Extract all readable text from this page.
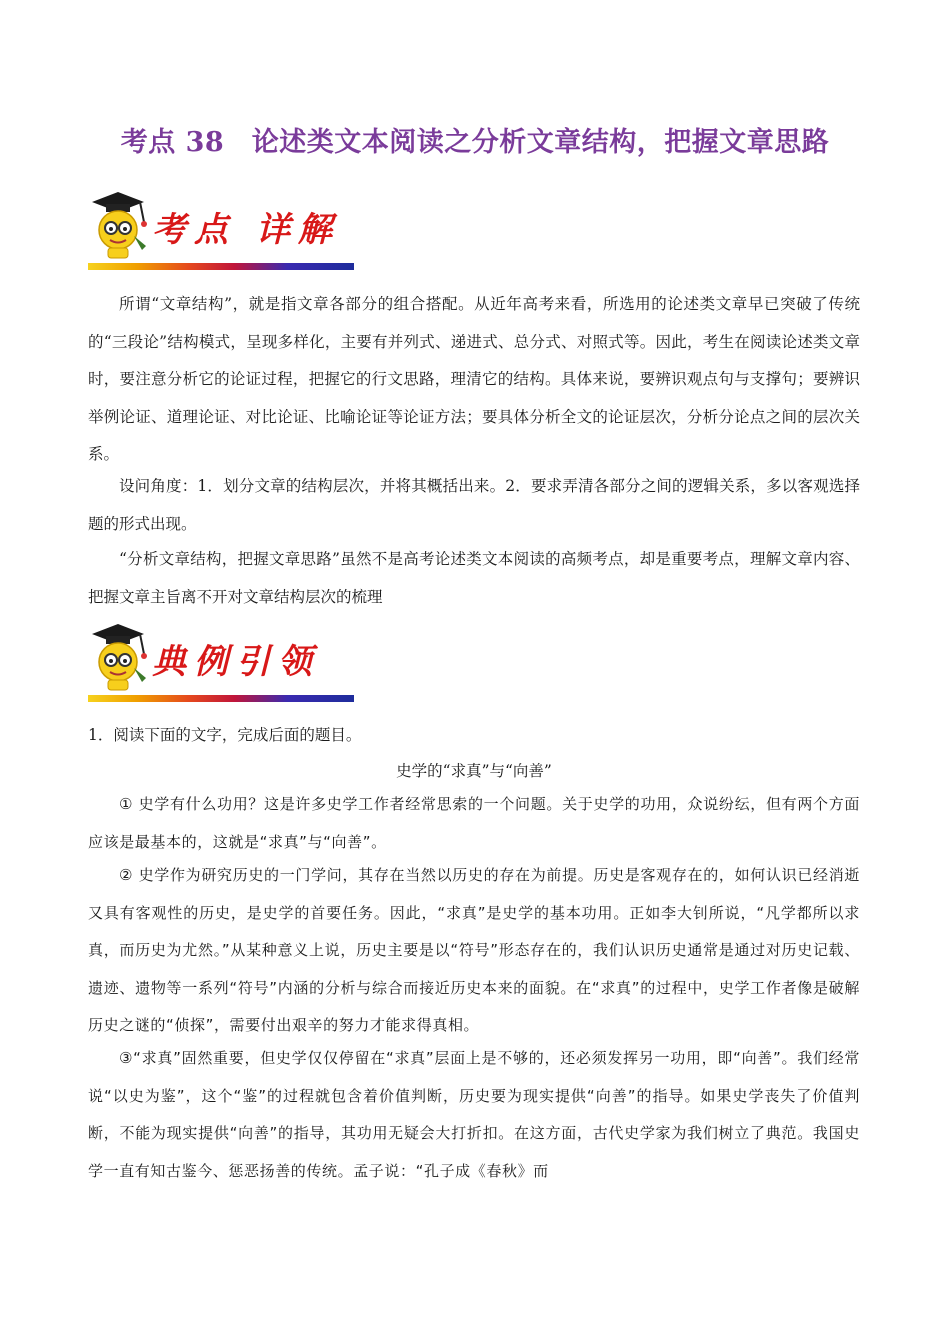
考点 38　论述类文本阅读之分析文章结构，把握文章思路
考点 详解
所谓“文章结构”，就是指文章各部分的组合搭配。从近年高考来看，所选用的论述类文章早已突破了传统的“三段论”结构模式，呈现多样化，主要有并列式、递进式、总分式、对照式等。因此，考生在阅读论述类文章时，要注意分析它的论证过程，把握它的行文思路，理清它的结构。具体来说，要辨识观点句与支撑句；要辨识举例论证、道理论证、对比论证、比喻论证等论证方法；要具体分析全文的论证层次，分析分论点之间的层次关系。
设问角度：1．划分文章的结构层次，并将其概括出来。2．要求弄清各部分之间的逻辑关系，多以客观选择题的形式出现。
“分析文章结构，把握文章思路”虽然不是高考论述类文本阅读的高频考点，却是重要考点，理解文章内容、把握文章主旨离不开对文章结构层次的梳理
典例引领
1．阅读下面的文字，完成后面的题目。
史学的“求真”与“向善”
① 史学有什么功用？这是许多史学工作者经常思索的一个问题。关于史学的功用，众说纷纭，但有两个方面应该是最基本的，这就是“求真”与“向善”。
② 史学作为研究历史的一门学问，其存在当然以历史的存在为前提。历史是客观存在的，如何认识已经消逝又具有客观性的历史，是史学的首要任务。因此，“求真”是史学的基本功用。正如李大钊所说，“凡学都所以求真，而历史为尤然。”从某种意义上说，历史主要是以“符号”形态存在的，我们认识历史通常是通过对历史记载、遗迹、遗物等一系列“符号”内涵的分析与综合而接近历史本来的面貌。在“求真”的过程中，史学工作者像是破解历史之谜的“侦探”，需要付出艰辛的努力才能求得真相。
③“求真”固然重要，但史学仅仅停留在“求真”层面上是不够的，还必须发挥另一功用，即“向善”。我们经常说“以史为鉴”，这个“鉴”的过程就包含着价值判断，历史要为现实提供“向善”的指导。如果史学丧失了价值判断，不能为现实提供“向善”的指导，其功用无疑会大打折扣。在这方面，古代史学家为我们树立了典范。我国史学一直有知古鉴今、惩恶扬善的传统。孟子说：“孔子成《春秋》而
